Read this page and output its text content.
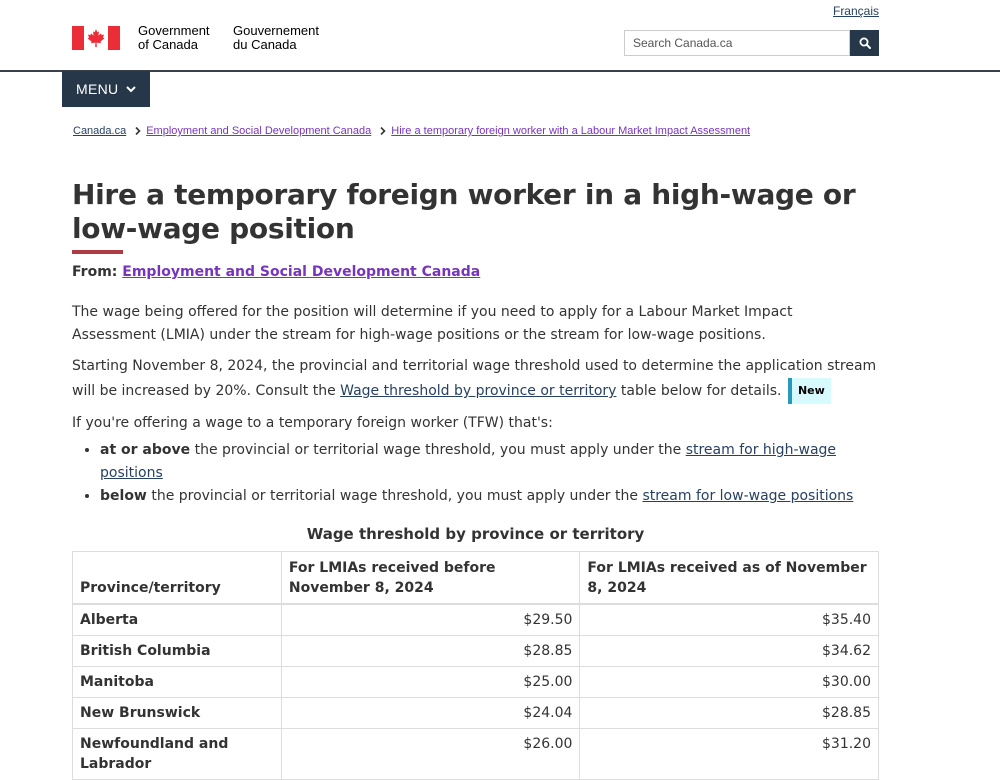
Français
Government
of Canada
Gouvernement
du Canada
Search Canada.ca
MENU
Canada.ca Employment and Social Development Canada Hire a temporary foreign worker with a Labour Market Impact Assessment
Hire a temporary foreign worker in a high-wage or low-wage position
From: Employment and Social Development Canada

The wage being offered for the position will determine if you need to apply for a Labour Market Impact Assessment (LMIA) under the stream for high-wage positions or the stream for low-wage positions.

Starting November 8, 2024, the provincial and territorial wage threshold used to determine the application stream will be increased by 20%. Consult the Wage threshold by province or territory table below for details. New

If you're offering a wage to a temporary foreign worker (TFW) that's:

• at or above the provincial or territorial wage threshold, you must apply under the stream for high-wage positions
• below the provincial or territorial wage threshold, you must apply under the stream for low-wage positions
Wage threshold by province or territory
Province/territory	For LMIAs received before November 8, 2024	For LMIAs received as of November 8, 2024
Alberta	$29.50	$35.40
British Columbia	$28.85	$34.62
Manitoba	$25.00	$30.00
New Brunswick	$24.04	$28.85
Newfoundland and Labrador	$26.00	$31.20
